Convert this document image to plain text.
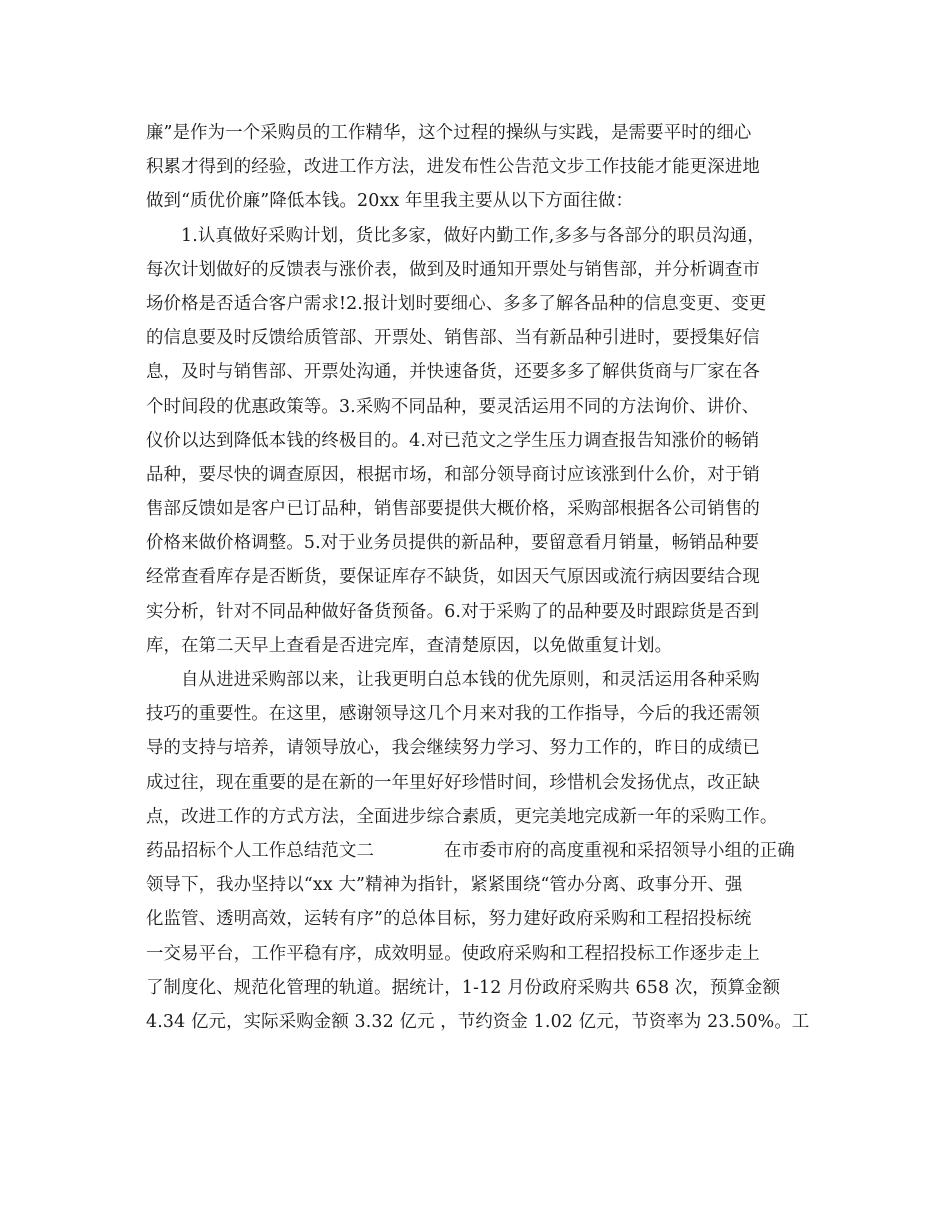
廉”是作为一个采购员的工作精华，这个过程的操纵与实践，是需要平时的细心
积累才得到的经验，改进工作方法，进发布性公告范文步工作技能才能更深进地
做到“质优价廉”降低本钱。20xx 年里我主要从以下方面往做：
1.认真做好采购计划，货比多家，做好内勤工作,多多与各部分的职员沟通，
每次计划做好的反馈表与涨价表，做到及时通知开票处与销售部，并分析调查市
场价格是否适合客户需求!2.报计划时要细心、多多了解各品种的信息变更、变更
的信息要及时反馈给质管部、开票处、销售部、当有新品种引进时，要授集好信
息，及时与销售部、开票处沟通，并快速备货，还要多多了解供货商与厂家在各
个时间段的优惠政策等。3.采购不同品种，要灵活运用不同的方法询价、讲价、
仪价以达到降低本钱的终极目的。4.对已范文之学生压力调查报告知涨价的畅销
品种，要尽快的调查原因，根据市场，和部分领导商讨应该涨到什么价，对于销
售部反馈如是客户已订品种，销售部要提供大概价格，采购部根据各公司销售的
价格来做价格调整。5.对于业务员提供的新品种，要留意看月销量，畅销品种要
经常查看库存是否断货，要保证库存不缺货，如因天气原因或流行病因要结合现
实分析，针对不同品种做好备货预备。6.对于采购了的品种要及时跟踪货是否到
库，在第二天早上查看是否进完库，查清楚原因，以免做重复计划。
自从进进采购部以来，让我更明白总本钱的优先原则，和灵活运用各种采购
技巧的重要性。在这里，感谢领导这几个月来对我的工作指导，今后的我还需领
导的支持与培养，请领导放心，我会继续努力学习、努力工作的，昨日的成绩已
成过往，现在重要的是在新的一年里好好珍惜时间，珍惜机会发扬优点，改正缺
点，改进工作的方式方法，全面进步综合素质，更完美地完成新一年的采购工作。
药品招标个人工作总结范文二	在市委市府的高度重视和采招领导小组的正确
领导下，我办坚持以“xx 大”精神为指针，紧紧围绕“管办分离、政事分开、强
化监管、透明高效，运转有序”的总体目标，努力建好政府采购和工程招投标统
一交易平台，工作平稳有序，成效明显。使政府采购和工程招投标工作逐步走上
了制度化、规范化管理的轨道。据统计，1-12 月份政府采购共 658 次，预算金额
4.34 亿元，实际采购金额 3.32 亿元 ，节约资金 1.02 亿元，节资率为 23.50%。工
